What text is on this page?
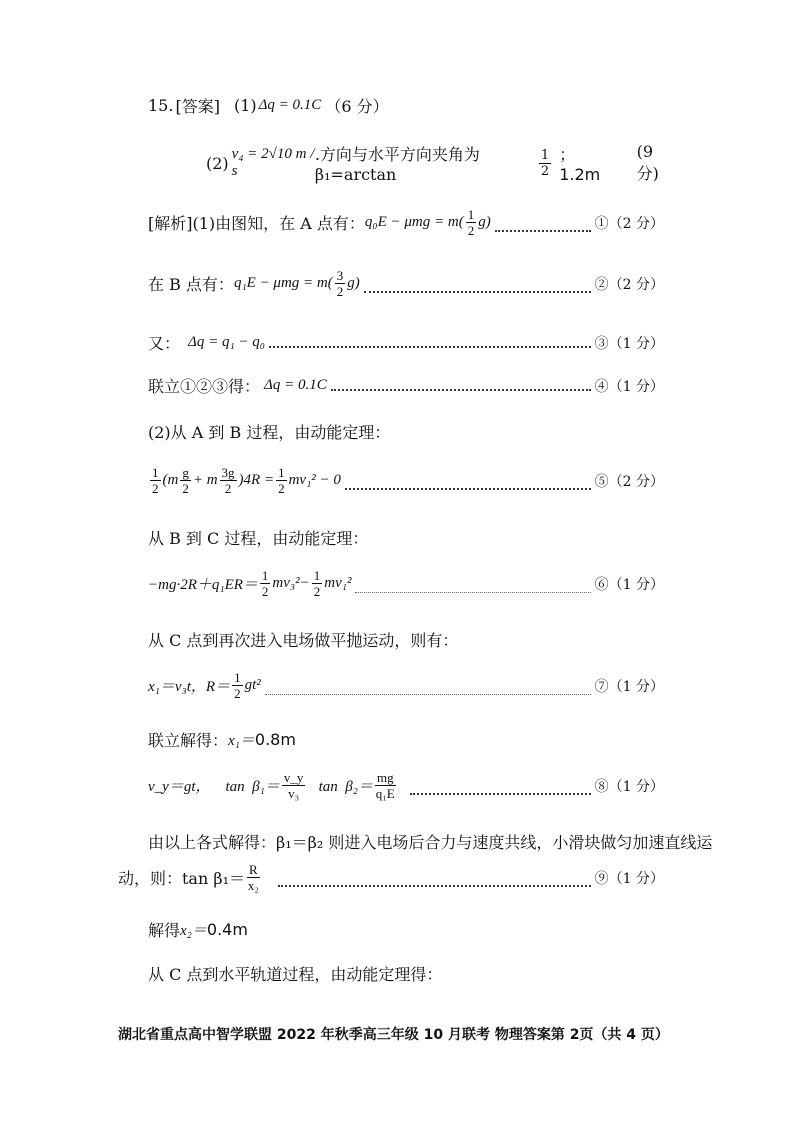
15. [答案] (1) Δq = 0.1C （6 分）
(2) v₄ = 2√10 m / s
.方向与水平方向夹角为β₁=arctan	$\frac{1}{2}$ ；1.2m
(9 分)
[解析] (1)由图知，在 A 点有： $q_0E - \mu mg = m( \frac{1}{2} g)$	①（2 分）
在 B 点有： $q_1E - \mu mg = m( \frac{3}{2} g)$	②（2 分）
又： Δq = q₁ − q₀	③（1 分）
联立①②③得： Δq = 0.1C	④（1 分）
(2)从 A 到 B 过程，由动能定理：
$\frac{1}{2} (m \frac{g}{2} + m \frac{3g}{2} )4R = \frac{1}{2} mv_1^2 - 0$	⑤（2 分）
从 B 到 C 过程，由动能定理：
$-mg\cdot 2R+q_1ER= \frac{1}{2} mv_3^2- \frac{1}{2} mv_1^2$	⑥（1 分）
从 C 点到再次进入电场做平抛运动，则有：
x₁＝v₃t，$R= \frac{1}{2} gt^2$	⑦（1 分）
联立解得： x₁＝ 0.8m
v_y＝gt，    $\tan \beta_1= \frac{v\_y}{\text{v₃}}$ $\tan \beta_2= \frac{mg}{\text{q₁E}}$	⑧（1 分）
由以上各式解得：β₁＝β₂ 则进入电场后合力与速度共线，小滑块做匀加速直线运
动，则：$\tan \beta_1= \frac{R}{\text{x₂}}$	⑨（1 分）
解得 x₂＝ 0.4m
从 C 点到水平轨道过程，由动能定理得：
湖北省重点高中智学联盟 2022 年秋季高三年级 10 月联考 物理答案第 2页（共 4 页）
